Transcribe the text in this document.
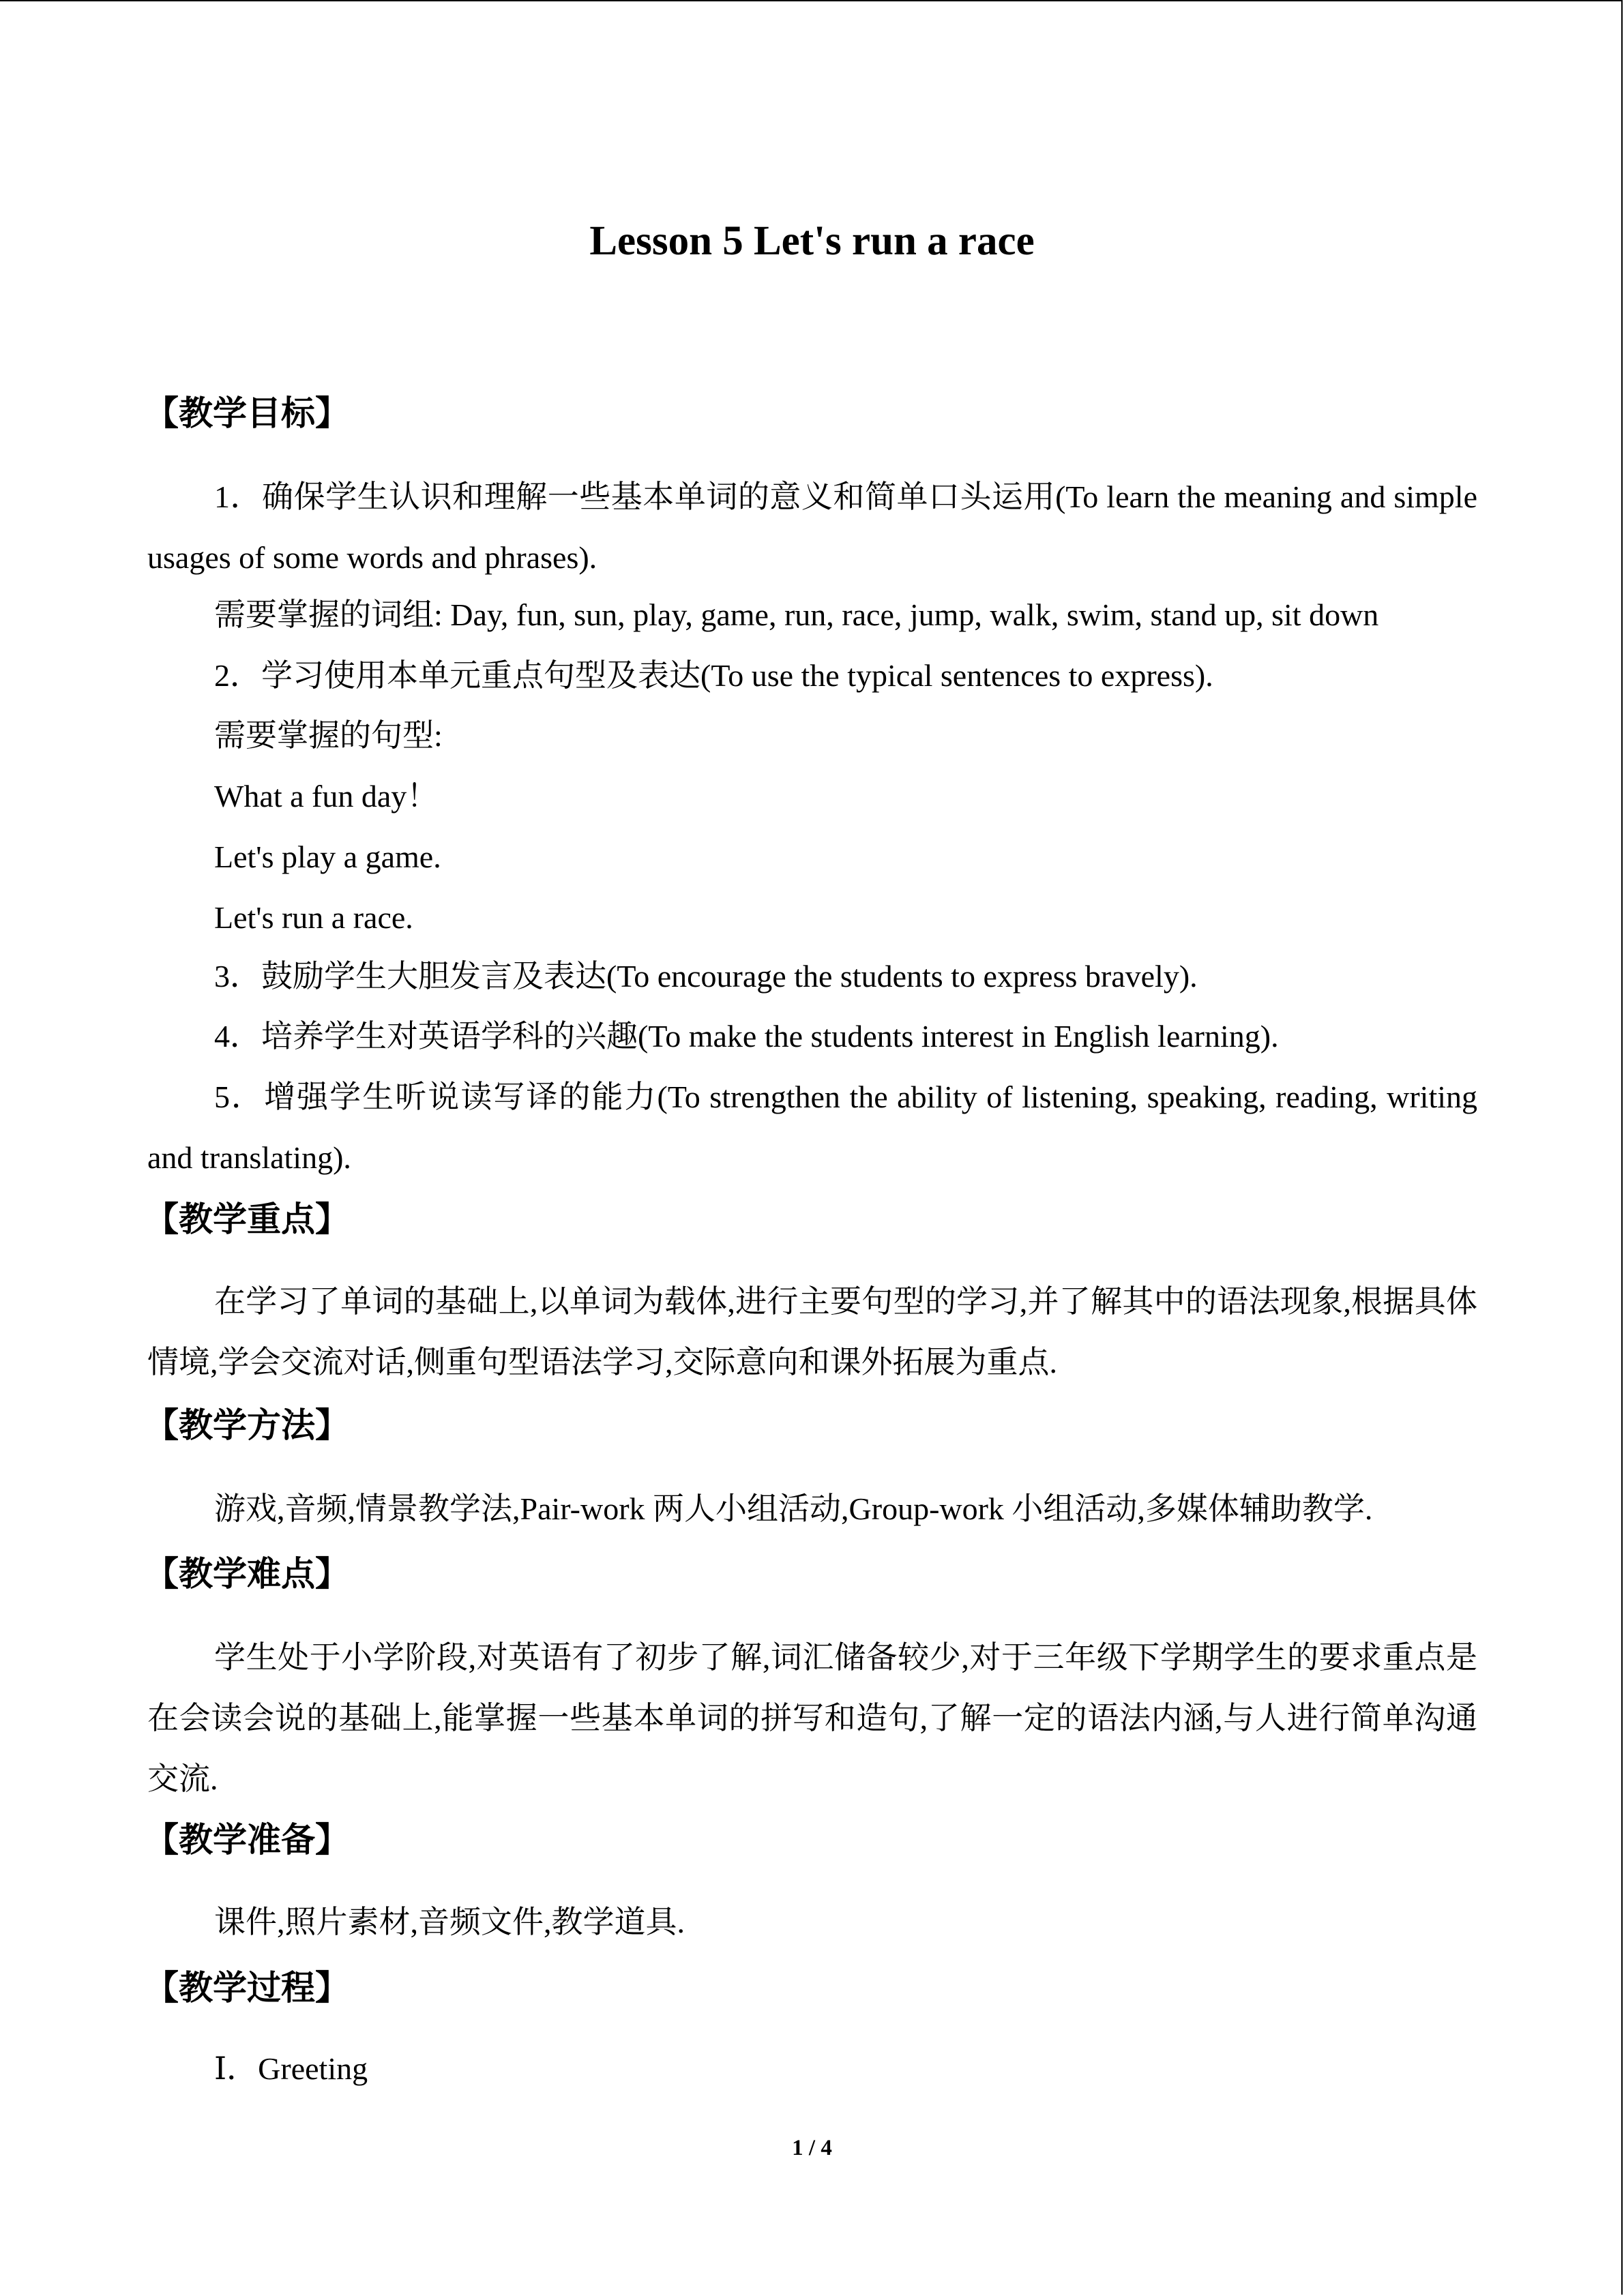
Lesson 5 Let's run a race
【教学目标】

1．确保学生认识和理解一些基本单词的意义和简单口头运用(To learn the meaning and simple usages of some words and phrases).

需要掌握的词组: Day, fun, sun, play, game, run, race, jump, walk, swim, stand up, sit down

2．学习使用本单元重点句型及表达(To use the typical sentences to express).

需要掌握的句型:

What a fun day！

Let's play a game.

Let's run a race.

3．鼓励学生大胆发言及表达(To encourage the students to express bravely).

4．培养学生对英语学科的兴趣(To make the students interest in English learning).

5．增强学生听说读写译的能力(To strengthen the ability of listening, speaking, reading, writing and translating).

【教学重点】

在学习了单词的基础上,以单词为载体,进行主要句型的学习,并了解其中的语法现象,根据具体情境,学会交流对话,侧重句型语法学习,交际意向和课外拓展为重点.

【教学方法】

游戏,音频,情景教学法,Pair-work 两人小组活动,Group-work 小组活动,多媒体辅助教学.

【教学难点】

学生处于小学阶段,对英语有了初步了解,词汇储备较少,对于三年级下学期学生的要求重点是在会读会说的基础上,能掌握一些基本单词的拼写和造句,了解一定的语法内涵,与人进行简单沟通交流.

【教学准备】

课件,照片素材,音频文件,教学道具.

【教学过程】

Ⅰ．Greeting

1 / 4
